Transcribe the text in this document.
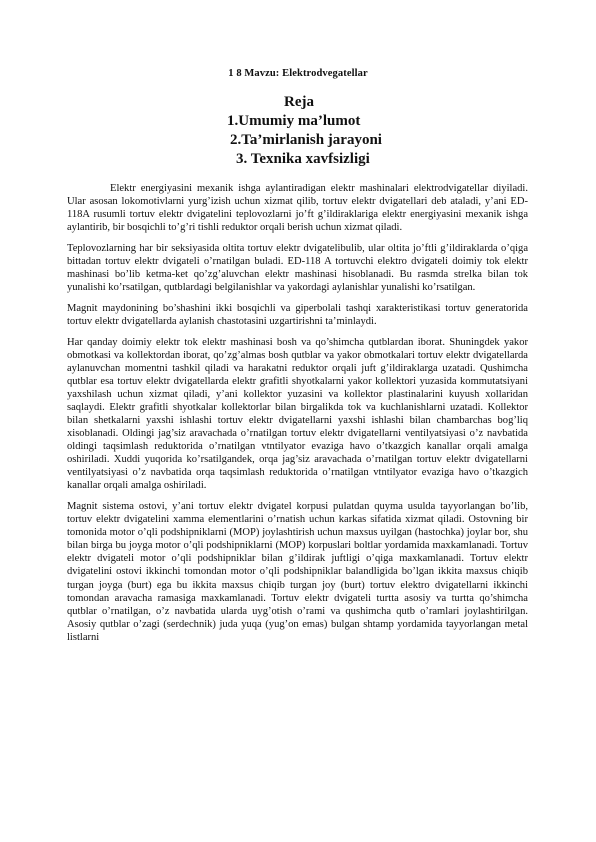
1 8 Mavzu: Elektrodvegatellar
Reja
1.Umumiy ma’lumot
2.Ta’mirlanish jarayoni
3. Texnika xavfsizligi

Elektr energiyasini mexanik ishga aylantiradigan elektr mashinalari elektrodvigatellar diyiladi. Ular asosan lokomotivlarni yurg’izish uchun xizmat qilib, tortuv elektr dvigatellari deb ataladi, y’ani ED-118A rusumli tortuv elektr dvigatelini teplovozlarni jo’ft g’ildiraklariga elektr energiyasini mexanik ishga aylantirib, bir bosqichli to’g’ri tishli reduktor orqali berish uchun xizmat qiladi.

Teplovozlarning har bir seksiyasida oltita tortuv elektr dvigatelibulib, ular oltita jo’ftli g’ildiraklarda o’qiga bittadan tortuv elektr dvigateli o’rnatilgan buladi. ED-118 A tortuvchi elektro dvigateli doimiy tok elektr mashinasi bo’lib ketma-ket qo’zg’aluvchan elektr mashinasi hisoblanadi. Bu rasmda strelka bilan tok yunalishi ko’rsatilgan, qutblardagi belgilanishlar va yakordagi aylanishlar yunalishi ko’rsatilgan.

Magnit maydonining bo’shashini ikki bosqichli va giperbolali tashqi xarakteristikasi tortuv generatorida tortuv elektr dvigatellarda aylanish chastotasini uzgartirishni ta’minlaydi.

Har qanday doimiy elektr tok elektr mashinasi bosh va qo’shimcha qutblardan iborat. Shuningdek yakor obmotkasi va kollektordan iborat, qo’zg’almas bosh qutblar va yakor obmotkalari tortuv elektr dvigatellarda aylanuvchan momentni tashkil qiladi va harakatni reduktor orqali juft g’ildiraklarga uzatadi. Qushimcha qutblar esa tortuv elektr dvigatellarda elektr grafitli shyotkalarni yakor kollektori yuzasida kommutatsiyani yaxshilash uchun xizmat qiladi, y’ani kollektor yuzasini va kollektor plastinalarini kuyush xollaridan saqlaydi. Elektr grafitli shyotkalar kollektorlar bilan birgalikda tok va kuchlanishlarni uzatadi. Kollektor bilan shetkalarni yaxshi ishlashi tortuv elektr dvigatellarni yaxshi ishlashi bilan chambarchas bog’liq xisoblanadi. Oldingi jag’siz aravachada o’rnatilgan tortuv elektr dvigatellarni ventilyatsiyasi o’z navbatida oldingi taqsimlash reduktorida o’rnatilgan vtntilyator evaziga havo o’tkazgich kanallar orqali amalga oshiriladi. Xuddi yuqorida ko’rsatilgandek, orqa jag’siz aravachada o’rnatilgan tortuv elektr dvigatellarni ventilyatsiyasi o’z navbatida orqa taqsimlash reduktorida o’rnatilgan vtntilyator evaziga havo o’tkazgich kanallar orqali amalga oshiriladi.

Magnit sistema ostovi, y’ani tortuv elektr dvigatel korpusi pulatdan quyma usulda tayyorlangan bo’lib, tortuv elektr dvigatelini xamma elementlarini o’rnatish uchun karkas sifatida xizmat qiladi. Ostovning bir tomonida motor o’qli podshipniklarni (MOP) joylashtirish uchun maxsus uyilgan (hastochka) joylar bor, shu bilan birga bu joyga motor o’qli podshipniklarni (MOP) korpuslari boltlar yordamida maxkamlanadi. Tortuv elektr dvigateli motor o’qli podshipniklar bilan g’ildirak juftligi o’qiga maxkamlanadi. Tortuv elektr dvigatelini ostovi ikkinchi tomondan motor o’qli podshipniklar balandligida bo’lgan ikkita maxsus chiqib turgan joyga (burt) ega bu ikkita maxsus chiqib turgan joy (burt) tortuv elektro dvigatellarni ikkinchi tomondan aravacha ramasiga maxkamlanadi. Tortuv elektr dvigateli turtta asosiy va turtta qo’shimcha qutblar o’rnatilgan, o’z navbatida ularda uyg’otish o’rami va qushimcha qutb o’ramlari joylashtirilgan. Asosiy qutblar o’zagi (serdechnik) juda yuqa (yug’on emas) bulgan shtamp yordamida tayyorlangan metal listlarni
